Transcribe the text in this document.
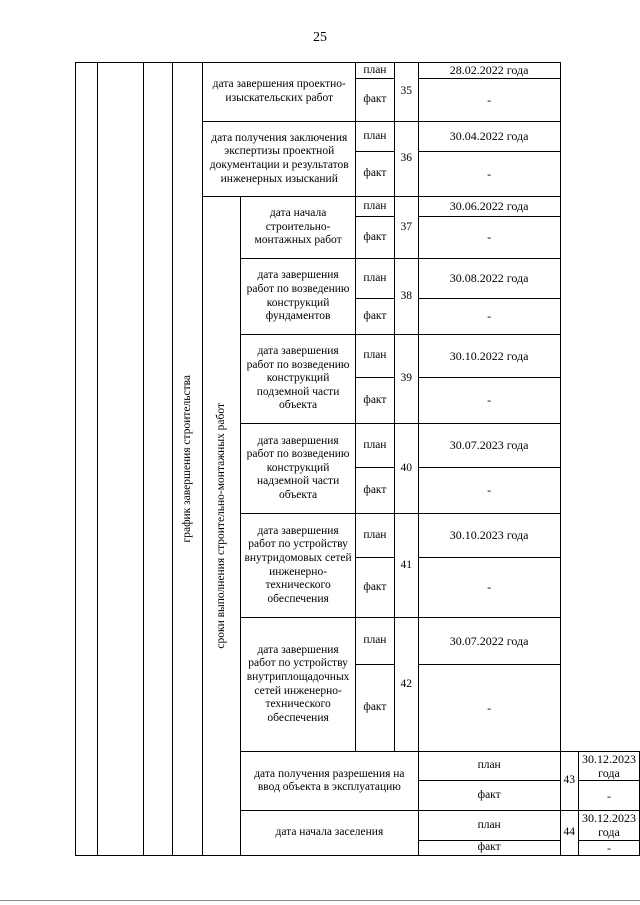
25

			график завершения строительства	дата завершения проектно-изыскательских работ		план	35	28.02.2022 года		
						факт		-		
				дата получения заключения экспертизы проектной документации и результатов инженерных изысканий		план	36	30.04.2022 года		
						факт		-		

				сроки выполнения строительно-монтажных работ	дата начала строительно-монтажных работ	план	37	30.06.2022 года		
						факт		-		
					дата завершения работ по возведению конструкций фундаментов	план	38	30.08.2022 года		
						факт		-		
					дата завершения работ по возведению конструкций подземной части объекта	план	39	30.10.2022 года		
						факт		-		
					дата завершения работ по возведению конструкций надземной части объекта	план	40	30.07.2023 года		
						факт		-		
					дата завершения работ по устройству внутридомовых сетей инженерно-технического обеспечения	план	41	30.10.2023 года		
						факт		-		
					дата завершения работ по устройству внутриплощадочных сетей инженерно-технического обеспечения	план	42	30.07.2022 года		
						факт		-		
					дата получения разрешения на ввод объекта в эксплуатацию			план	43	30.12.2023 года
								факт		-
					дата начала заселения			план	44	30.12.2023 года
								факт		-
